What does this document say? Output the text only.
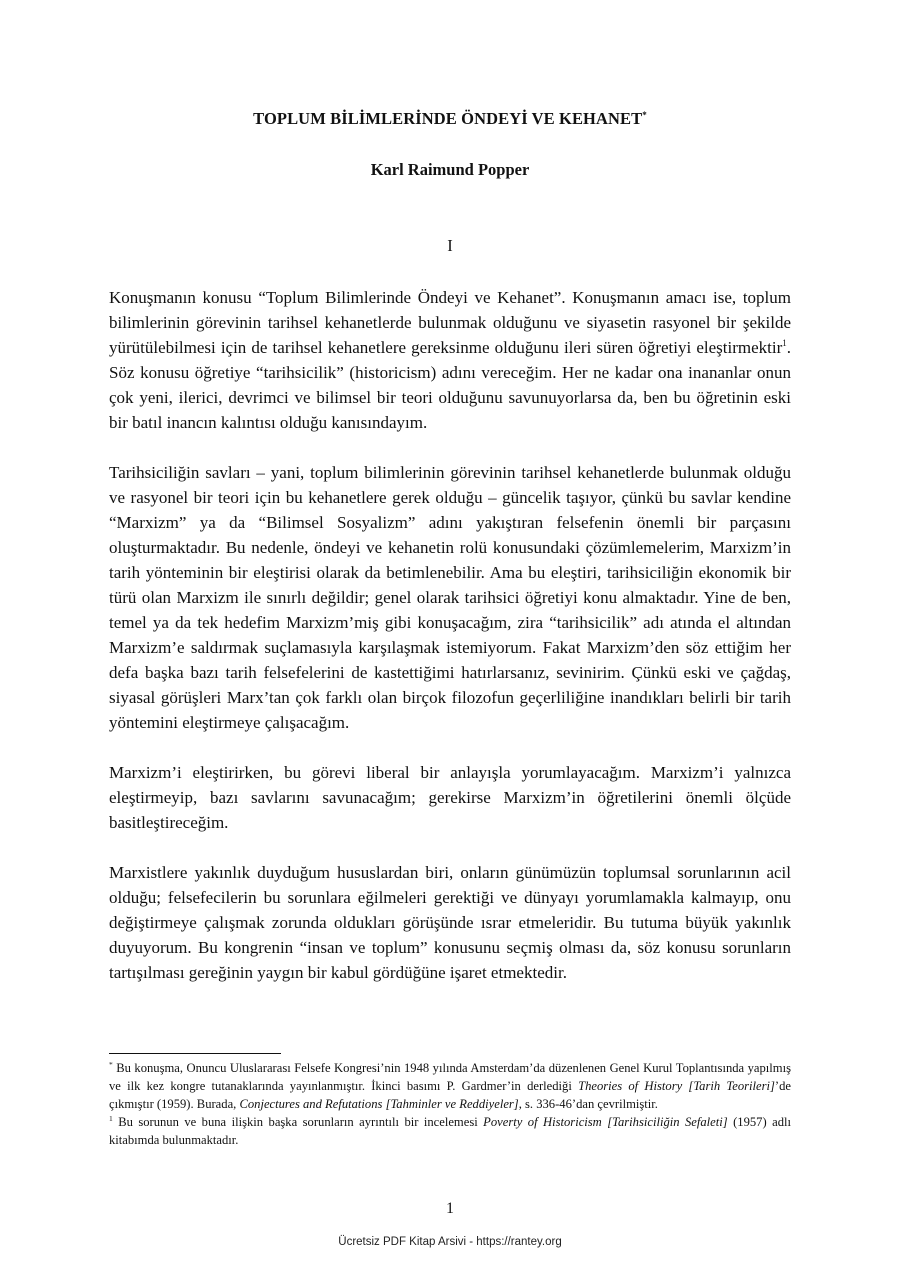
TOPLUM BİLİMLERİNDE ÖNDEYİ VE KEHANET*
Karl Raimund Popper
I

Konuşmanın konusu “Toplum Bilimlerinde Öndeyi ve Kehanet”. Konuşmanın amacı ise, toplum bilimlerinin görevinin tarihsel kehanetlerde bulunmak olduğunu ve siyasetin rasyonel bir şekilde yürütülebilmesi için de tarihsel kehanetlere gereksinme olduğunu ileri süren öğretiyi eleştirmektir$^1$. Söz konusu öğretiye “tarihsicilik” (historicism) adını vereceğim. Her ne kadar ona inananlar onun çok yeni, ilerici, devrimci ve bilimsel bir teori olduğunu savunuyorlarsa da, ben bu öğretinin eski bir batıl inancın kalıntısı olduğu kanısındayım.

Tarihsiciliğin savları – yani, toplum bilimlerinin görevinin tarihsel kehanetlerde bulunmak olduğu ve rasyonel bir teori için bu kehanetlere gerek olduğu – güncelik taşıyor, çünkü bu savlar kendine “Marxizm” ya da “Bilimsel Sosyalizm” adını yakıştıran felsefenin önemli bir parçasını oluşturmaktadır. Bu nedenle, öndeyi ve kehanetin rolü konusundaki çözümlemelerim, Marxizm’in tarih yönteminin bir eleştirisi olarak da betimlenebilir. Ama bu eleştiri, tarihsiciliğin ekonomik bir türü olan Marxizm ile sınırlı değildir; genel olarak tarihsici öğretiyi konu almaktadır. Yine de ben, temel ya da tek hedefim Marxizm’miş gibi konuşacağım, zira “tarihsicilik” adı atında el altından Marxizm’e saldırmak suçlamasıyla karşılaşmak istemiyorum. Fakat Marxizm’den söz ettiğim her defa başka bazı tarih felsefelerini de kastettiğimi hatırlarsanız, sevinirim. Çünkü eski ve çağdaş, siyasal görüşleri Marx’tan çok farklı olan birçok filozofun geçerliliğine inandıkları belirli bir tarih yöntemini eleştirmeye çalışacağım.

Marxizm’i eleştirirken, bu görevi liberal bir anlayışla yorumlayacağım. Marxizm’i yalnızca eleştirmeyip, bazı savlarını savunacağım; gerekirse Marxizm’in öğretilerini önemli ölçüde basitleştireceğim.

Marxistlere yakınlık duyduğum hususlardan biri, onların günümüzün toplumsal sorunlarının acil olduğu; felsefecilerin bu sorunlara eğilmeleri gerektiği ve dünyayı yorumlamakla kalmayıp, onu değiştirmeye çalışmak zorunda oldukları görüşünde ısrar etmeleridir. Bu tutuma büyük yakınlık duyuyorum. Bu kongrenin “insan ve toplum” konusunu seçmiş olması da, söz konusu sorunların tartışılması gereğinin yaygın bir kabul gördüğüne işaret etmektedir.

* Bu konuşma, Onuncu Uluslararası Felsefe Kongresi’nin 1948 yılında Amsterdam’da düzenlenen Genel Kurul Toplantısında yapılmış ve ilk kez kongre tutanaklarında yayınlanmıştır. İkinci basımı P. Gardmer’in derlediği Theories of History [Tarih Teorileri]’de çıkmıştır (1959). Burada, Conjectures and Refutations [Tahminler ve Reddiyeler], s. 336-46’dan çevrilmiştir.

$^1$ Bu sorunun ve buna ilişkin başka sorunların ayrıntılı bir incelemesi Poverty of Historicism [Tarihsiciliğin Sefaleti] (1957) adlı kitabımda bulunmaktadır.

1
Ücretsiz PDF Kitap Arsivi - https://rantey.org
